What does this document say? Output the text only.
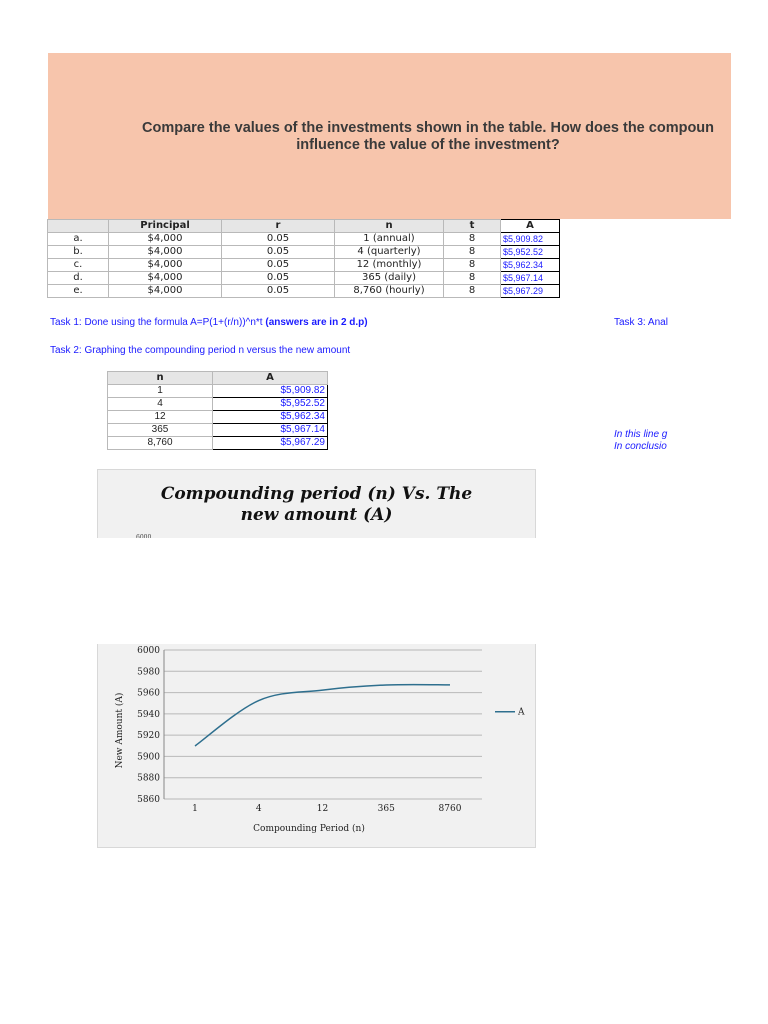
Compare the values of the investments shown in the table. How does the compoun
influence the value of the investment?
	Principal	r	n	t	A
a.	$4,000	0.05	1 (annual)	8	$5,909.82
b.	$4,000	0.05	4 (quarterly)	8	$5,952.52
c.	$4,000	0.05	12 (monthly)	8	$5,962.34
d.	$4,000	0.05	365 (daily)	8	$5,967.14
e.	$4,000	0.05	8,760 (hourly)	8	$5,967.29
Task 1: Done using the formula A=P(1+(r/n))^n*t (answers are in 2 d.p)	Task 3: Anal
Task 2: Graphing the compounding period n versus the new amount
n	A
1	$5,909.82
4	$5,952.52
12	$5,962.34
365	$5,967.14
8,760	$5,967.29
In this line g
In conclusio
Compounding period (n) Vs. The
new amount (A)
6000
5860
5880
5900
5920
5940
5960
5980
6000
1	4	12	365	8760
Compounding Period (n)
New Amount (A)	A
